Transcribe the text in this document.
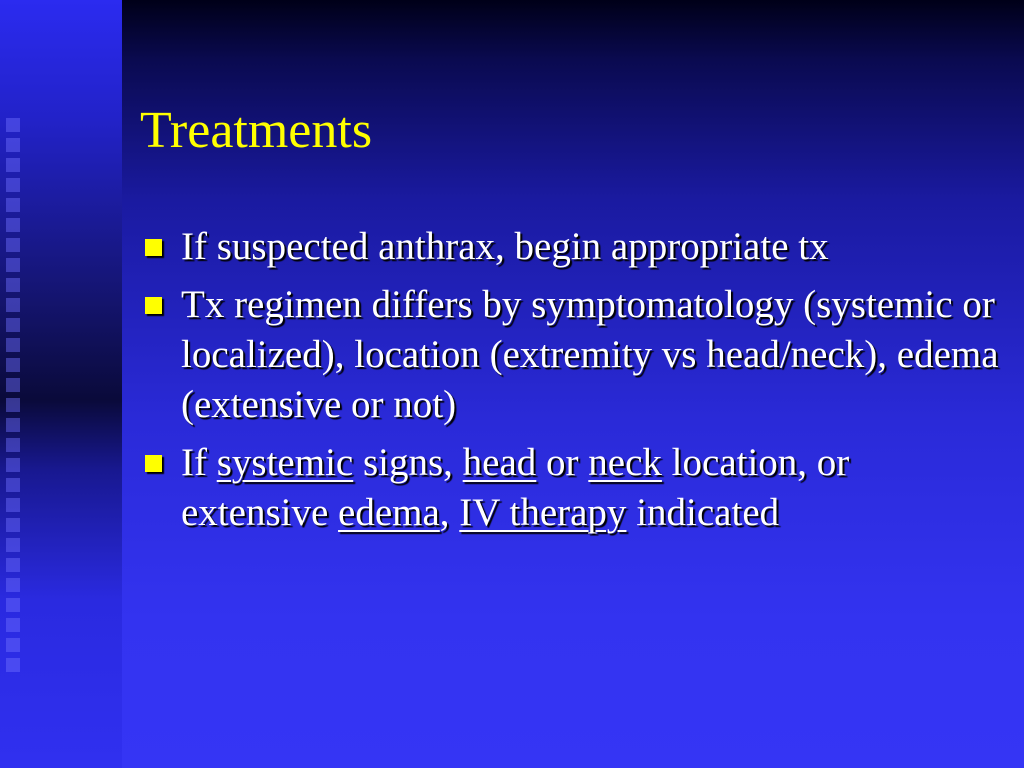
Treatments
If suspected anthrax, begin appropriate tx
Tx regimen differs by symptomatology (systemic or localized), location (extremity vs head/neck), edema (extensive or not)
If systemic signs, head or neck location, or extensive edema, IV therapy indicated
